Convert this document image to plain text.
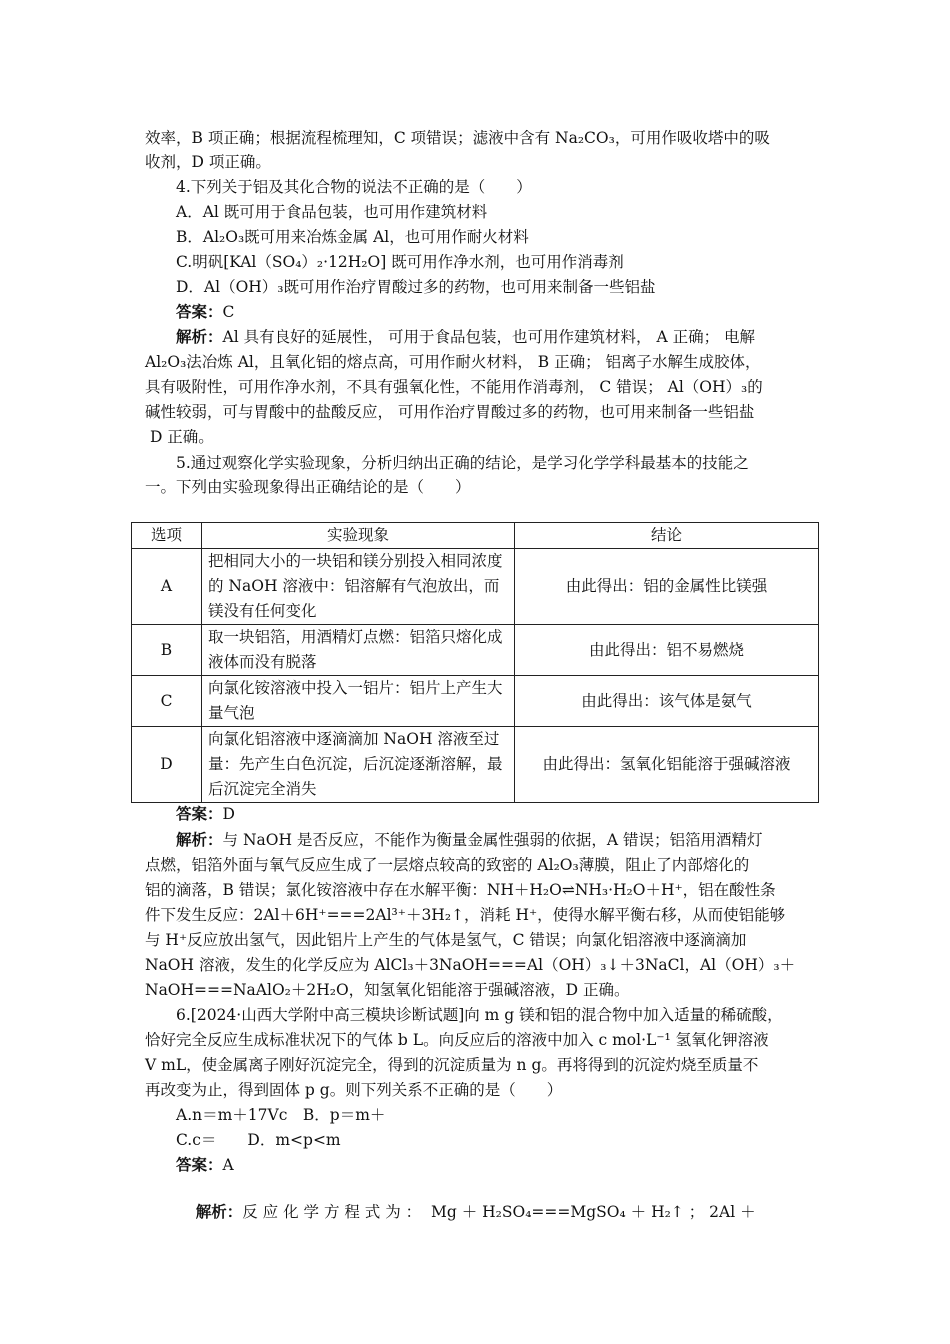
效率，B 项正确；根据流程梳理知，C 项错误；滤液中含有 Na₂CO₃，可用作吸收塔中的吸
收剂，D 项正确。
4.下列关于铝及其化合物的说法不正确的是（　　）
A．Al 既可用于食品包装，也可用作建筑材料
B．Al₂O₃既可用来冶炼金属 Al，也可用作耐火材料
C.明矾[KAl（SO₄）₂·12H₂O] 既可用作净水剂，也可用作消毒剂
D．Al（OH）₃既可用作治疗胃酸过多的药物，也可用来制备一些铝盐
答案：C
解析：Al 具有良好的延展性， 可用于食品包装，也可用作建筑材料， A 正确； 电解
Al₂O₃法冶炼 Al，且氧化铝的熔点高，可用作耐火材料， B 正确； 铝离子水解生成胶体，
具有吸附性，可用作净水剂，不具有强氧化性，不能用作消毒剂， C 错误； Al（OH）₃的
碱性较弱，可与胃酸中的盐酸反应， 可用作治疗胃酸过多的药物，也可用来制备一些铝盐
D 正确。
5.通过观察化学实验现象，分析归纳出正确的结论，是学习化学学科最基本的技能之
一。下列由实验现象得出正确结论的是（　　）
选项	实验现象	结论
A	把相同大小的一块铝和镁分别投入相同浓度的 NaOH 溶液中：铝溶解有气泡放出，而镁没有任何变化	由此得出：铝的金属性比镁强
B	取一块铝箔，用酒精灯点燃：铝箔只熔化成液体而没有脱落	由此得出：铝不易燃烧
C	向氯化铵溶液中投入一铝片：铝片上产生大量气泡	由此得出：该气体是氨气
D	向氯化铝溶液中逐滴滴加 NaOH 溶液至过量：先产生白色沉淀，后沉淀逐渐溶解，最后沉淀完全消失	由此得出：氢氧化铝能溶于强碱溶液
答案：D
解析：与 NaOH 是否反应，不能作为衡量金属性强弱的依据，A 错误；铝箔用酒精灯
点燃，铝箔外面与氧气反应生成了一层熔点较高的致密的 Al₂O₃薄膜，阻止了内部熔化的
铝的滴落，B 错误；氯化铵溶液中存在水解平衡：NH＋H₂O⇌NH₃·H₂O＋H⁺，铝在酸性条
件下发生反应：2Al＋6H⁺===2Al³⁺＋3H₂↑，消耗 H⁺，使得水解平衡右移，从而使铝能够
与 H⁺反应放出氢气，因此铝片上产生的气体是氢气，C 错误；向氯化铝溶液中逐滴滴加
NaOH 溶液，发生的化学反应为 AlCl₃＋3NaOH===Al（OH）₃↓＋3NaCl，Al（OH）₃＋
NaOH===NaAlO₂＋2H₂O，知氢氧化铝能溶于强碱溶液，D 正确。
6.[2024·山西大学附中高三模块诊断试题]向 m g 镁和铝的混合物中加入适量的稀硫酸，
恰好完全反应生成标准状况下的气体 b L。向反应后的溶液中加入 c mol·L⁻¹ 氢氧化钾溶液
V mL，使金属离子刚好沉淀完全，得到的沉淀质量为 n g。再将得到的沉淀灼烧至质量不
再改变为止，得到固体 p g。则下列关系不正确的是（　　）
A.n＝m＋17Vc　B．p＝m＋
C.c＝　　D．m<p<m
答案：A

解析：反 应 化 学 方 程 式 为 ：  Mg ＋ H₂SO₄===MgSO₄ ＋ H₂↑ ； 2Al ＋
